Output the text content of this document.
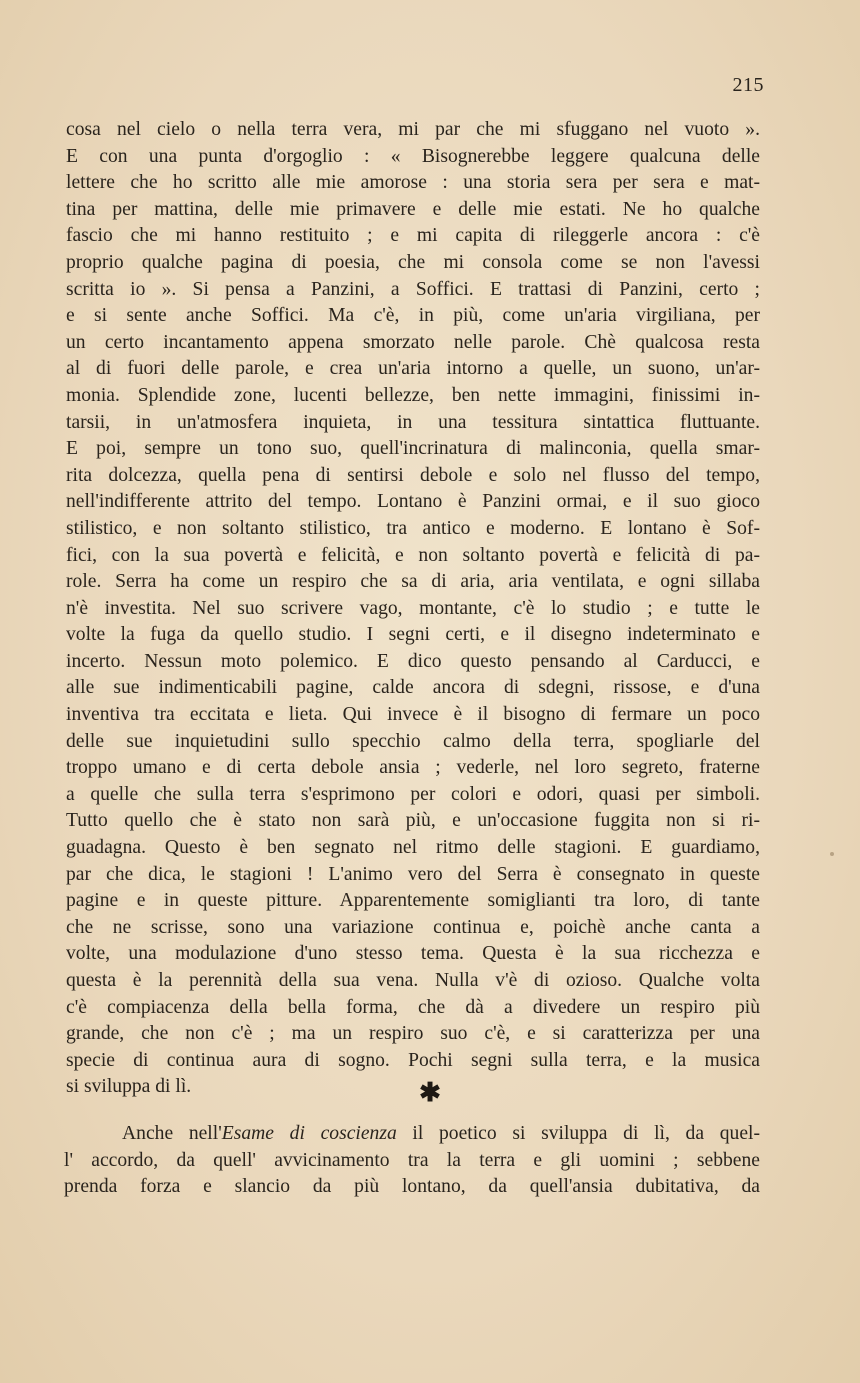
215
cosa nel cielo o nella terra vera, mi par che mi sfuggano nel vuoto ».
E con una punta d'orgoglio : « Bisognerebbe leggere qualcuna delle
lettere che ho scritto alle mie amorose : una storia sera per sera e mat-
tina per mattina, delle mie primavere e delle mie estati. Ne ho qualche
fascio che mi hanno restituito ; e mi capita di rileggerle ancora : c'è
proprio qualche pagina di poesia, che mi consola come se non l'avessi
scritta io ». Si pensa a Panzini, a Soffici. E trattasi di Panzini, certo ;
e si sente anche Soffici. Ma c'è, in più, come un'aria virgiliana, per
un certo incantamento appena smorzato nelle parole. Chè qualcosa resta
al di fuori delle parole, e crea un'aria intorno a quelle, un suono, un'ar-
monia. Splendide zone, lucenti bellezze, ben nette immagini, finissimi in-
tarsii, in un'atmosfera inquieta, in una tessitura sintattica fluttuante.
E poi, sempre un tono suo, quell'incrinatura di malinconia, quella smar-
rita dolcezza, quella pena di sentirsi debole e solo nel flusso del tempo,
nell'indifferente attrito del tempo. Lontano è Panzini ormai, e il suo gioco
stilistico, e non soltanto stilistico, tra antico e moderno. E lontano è Sof-
fici, con la sua povertà e felicità, e non soltanto povertà e felicità di pa-
role. Serra ha come un respiro che sa di aria, aria ventilata, e ogni sillaba
n'è investita. Nel suo scrivere vago, montante, c'è lo studio ; e tutte le
volte la fuga da quello studio. I segni certi, e il disegno indeterminato e
incerto. Nessun moto polemico. E dico questo pensando al Carducci, e
alle sue indimenticabili pagine, calde ancora di sdegni, rissose, e d'una
inventiva tra eccitata e lieta. Qui invece è il bisogno di fermare un poco
delle sue inquietudini sullo specchio calmo della terra, spogliarle del
troppo umano e di certa debole ansia ; vederle, nel loro segreto, fraterne
a quelle che sulla terra s'esprimono per colori e odori, quasi per simboli.
Tutto quello che è stato non sarà più, e un'occasione fuggita non si ri-
guadagna. Questo è ben segnato nel ritmo delle stagioni. E guardiamo,
par che dica, le stagioni ! L'animo vero del Serra è consegnato in queste
pagine e in queste pitture. Apparentemente somiglianti tra loro, di tante
che ne scrisse, sono una variazione continua e, poichè anche canta a
volte, una modulazione d'uno stesso tema. Questa è la sua ricchezza e
questa è la perennità della sua vena. Nulla v'è di ozioso. Qualche volta
c'è compiacenza della bella forma, che dà a divedere un respiro più
grande, che non c'è ; ma un respiro suo c'è, e si caratterizza per una
specie di continua aura di sogno. Pochi segni sulla terra, e la musica
si sviluppa di lì.	✱
Anche nell'Esame di coscienza il poetico si sviluppa di lì, da quel-
l' accordo, da quell' avvicinamento tra la terra e gli uomini ; sebbene
prenda forza e slancio da più lontano, da quell'ansia dubitativa, da
